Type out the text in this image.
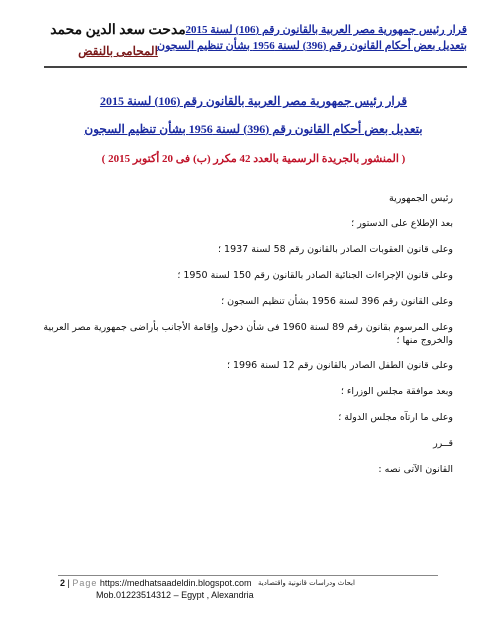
مدحت سعد الدين محمد
المحامى بالنقض
قرار رئيس جمهورية مصر العربية بالقانون رقم (106) لسنة 2015
بتعديل بعض أحكام القانون رقم (396) لسنة 1956 بشأن تنظيم السجون
قرار رئيس جمهورية مصر العربية بالقانون رقم (106) لسنة 2015
بتعديل بعض أحكام القانون رقم (396) لسنة 1956 بشأن تنظيم السجون
( المنشور بالجريدة الرسمية بالعدد 42 مكرر (ب) فى 20 أكتوبر 2015 )
رئيس الجمهورية
بعد الإطلاع على الدستور ؛
وعلى قانون العقوبات الصادر بالقانون رقم 58 لسنة 1937 ؛
وعلى قانون الإجراءات الجنائية الصادر بالقانون رقم 150 لسنة 1950 ؛
وعلى القانون رقم 396 لسنة 1956 بشأن تنظيم السجون ؛
وعلى المرسوم بقانون رقم 89 لسنة 1960 فى شأن دخول وإقامة الأجانب بأراضى جمهورية مصر العربية والخروج منها ؛
وعلى قانون الطفل الصادر بالقانون رقم 12 لسنة 1996 ؛
وبعد موافقة مجلس الوزراء ؛
وعلى ما ارتآه مجلس الدولة ؛
قــرر
القانون الآتى نصه :
2 | Page https://medhatsaadeldin.blogspot.com
Mob.01223514312 – Egypt , Alexandria
ابحاث ودراسات قانونية واقتصادية
